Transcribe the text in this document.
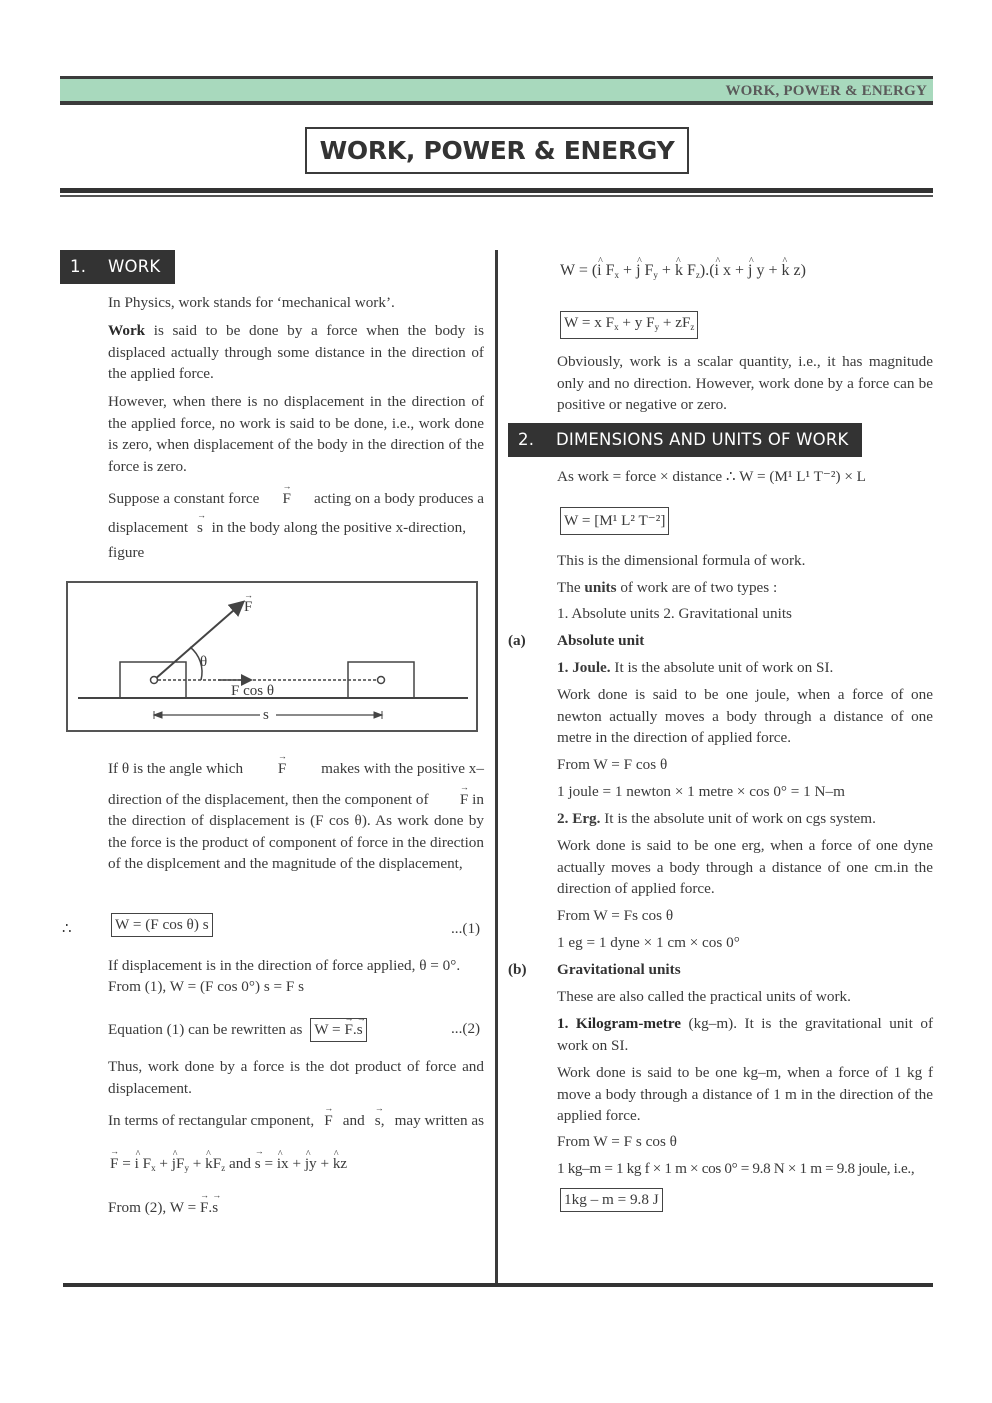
WORK, POWER & ENERGY
WORK, POWER & ENERGY
1. WORK
In Physics, work stands for ‘mechanical work’.
Work is said to be done by a force when the body is displaced actually through some distance in the direction of the applied force.
However, when there is no displacement in the direction of the applied force, no work is said to be done, i.e., work done is zero, when displacement of the body in the direction of the force is zero.
Suppose a constant force → F acting on a body produces a
displacement → s in the body along the positive x-direction,
figure
→ F
θ
F cos θ
s
If θ is the angle which → F makes with the positive x–
direction of the displacement, then the component of → F in
the direction of displacement is (F cos θ). As work done by the force is the product of component of force in the direction of the displcement and the magnitude of the displacement,
∴	W = (F cos θ) s	...(1)
If displacement is in the direction of force applied, θ = 0°.
From (1), W = (F cos 0°) s = F s
Equation (1) can be rewritten as W = → F.→ s	...(2)
Thus, work done by a force is the dot product of force and displacement.
In terms of rectangular cmponent, → F and → s, may written as
→ F = ^ i $F_x$ + ^ $jF_y$ + ^ $kF_z$ and → s = ^ ix + ^ jy + ^ kz
From (2), W = → F.→ s
W = (^ i $F_x$ + ^ j $F_y$ + ^ k $F_z).(\^{}$ i x + ^ j y + ^ k z)
W = x $F_x + y$ $F_y + zF_z$
Obviously, work is a scalar quantity, i.e., it has magnitude only and no direction. However, work done by a force can be positive or negative or zero.
2. DIMENSIONS AND UNITS OF WORK
As work = force × distance ∴ W = (M¹ L¹ T⁻²) × L
W = [M¹ L² T⁻²]
This is the dimensional formula of work.
The units of work are of two types :
1. Absolute units 2. Gravitational units
(a) Absolute unit
1. Joule. It is the absolute unit of work on SI.
Work done is said to be one joule, when a force of one newton actually moves a body through a distance of one metre in the direction of applied force.
From W = F cos θ
1 joule = 1 newton × 1 metre × cos 0° = 1 N–m
2. Erg. It is the absolute unit of work on cgs system.
Work done is said to be one erg, when a force of one dyne actually moves a body through a distance of one cm.in the direction of applied force.
From W = Fs cos θ
1 eg = 1 dyne × 1 cm × cos 0°
(b) Gravitational units
These are also called the practical units of work.
1. Kilogram-metre (kg–m). It is the gravitational unit of work on SI.
Work done is said to be one kg–m, when a force of 1 kg f move a body through a distance of 1 m in the direction of the applied force.
From W = F s cos θ
1 kg–m = 1 kg f × 1 m × cos 0° = 9.8 N × 1 m = 9.8 joule, i.e.,
1kg – m = 9.8 J
